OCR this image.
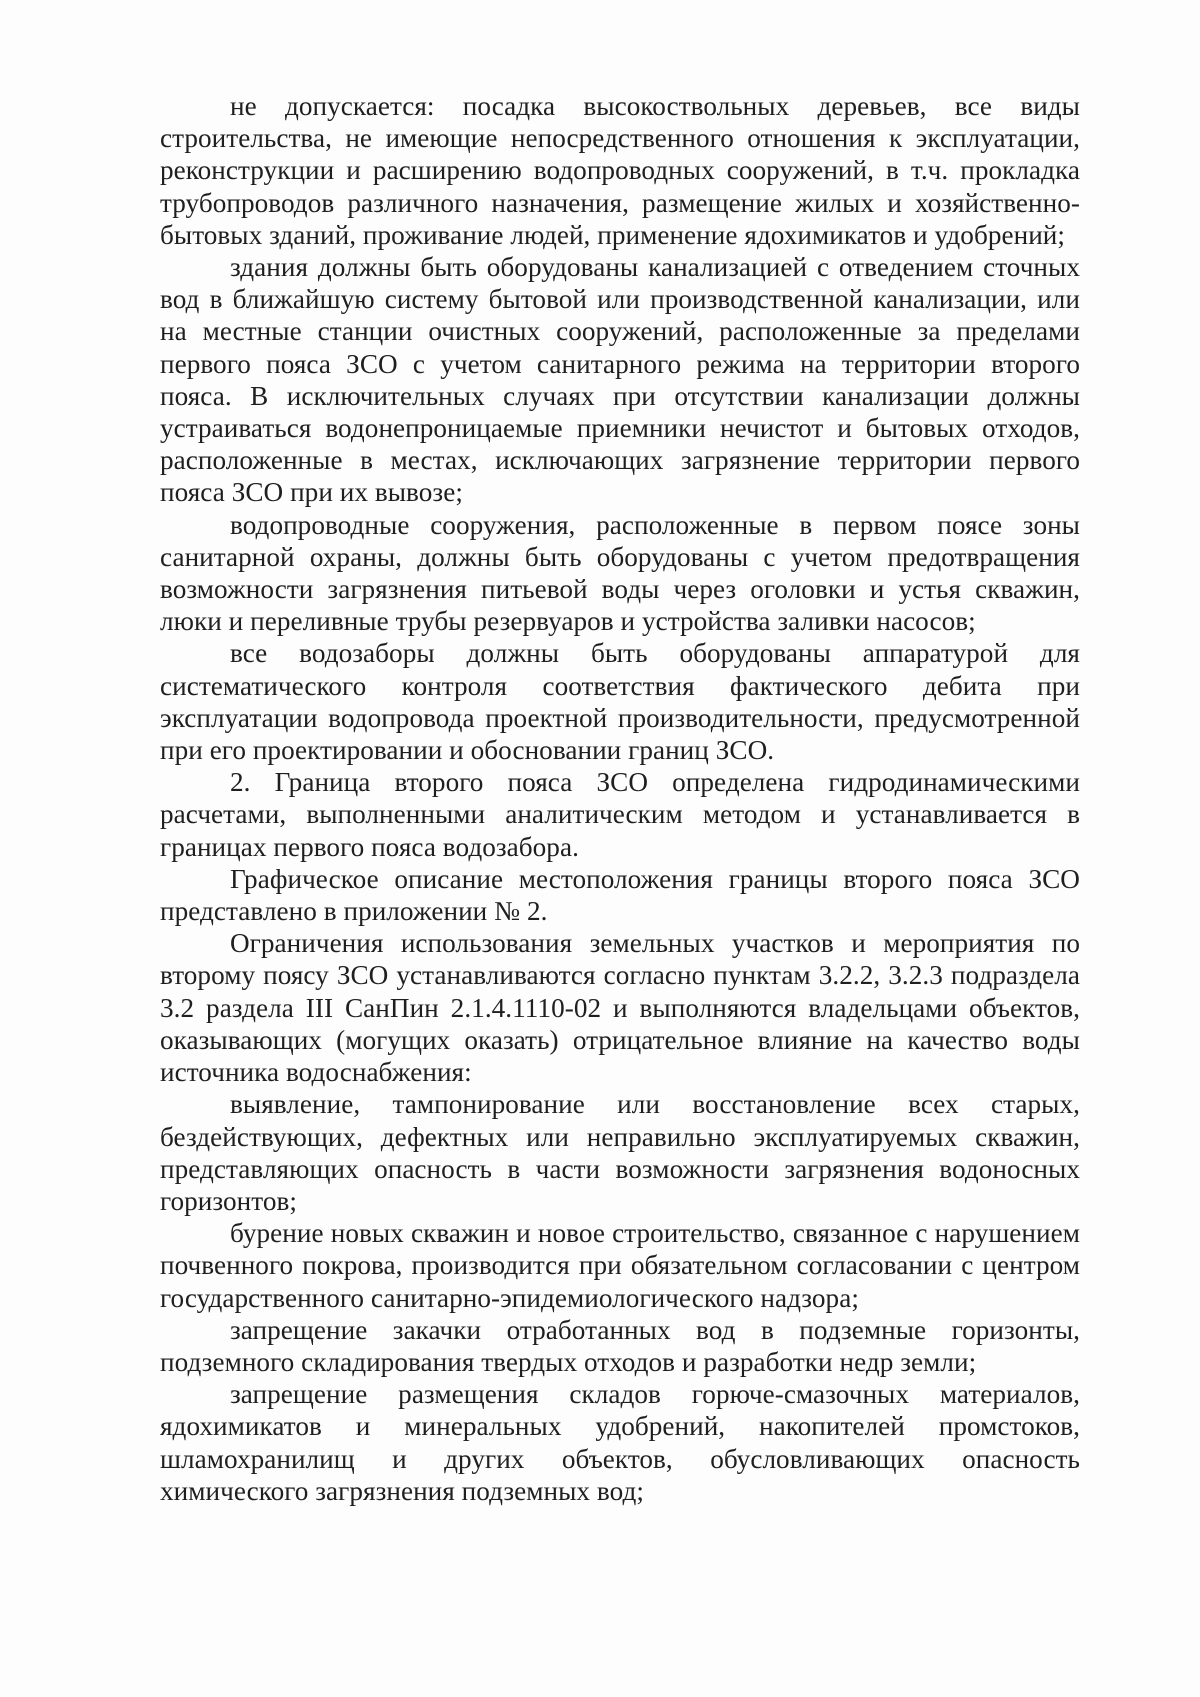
не допускается: посадка высокоствольных деревьев, все виды строительства, не имеющие непосредственного отношения к эксплуатации, реконструкции и расширению водопроводных сооружений, в т.ч. прокладка трубопроводов различного назначения, размещение жилых и хозяйственно-бытовых зданий, проживание людей, применение ядохимикатов и удобрений;

здания должны быть оборудованы канализацией с отведением сточных вод в ближайшую систему бытовой или производственной канализации, или на местные станции очистных сооружений, расположенные за пределами первого пояса ЗСО с учетом санитарного режима на территории второго пояса. В исключительных случаях при отсутствии канализации должны устраиваться водонепроницаемые приемники нечистот и бытовых отходов, расположенные в местах, исключающих загрязнение территории первого пояса ЗСО при их вывозе;

водопроводные сооружения, расположенные в первом поясе зоны санитарной охраны, должны быть оборудованы с учетом предотвращения возможности загрязнения питьевой воды через оголовки и устья скважин, люки и переливные трубы резервуаров и устройства заливки насосов;

все водозаборы должны быть оборудованы аппаратурой для систематического контроля соответствия фактического дебита при эксплуатации водопровода проектной производительности, предусмотренной при его проектировании и обосновании границ ЗСО.

2. Граница второго пояса ЗСО определена гидродинамическими расчетами, выполненными аналитическим методом и устанавливается в границах первого пояса водозабора.

Графическое описание местоположения границы второго пояса ЗСО представлено в приложении № 2.

Ограничения использования земельных участков и мероприятия по второму поясу ЗСО устанавливаются согласно пунктам 3.2.2, 3.2.3 подраздела 3.2 раздела III СанПин 2.1.4.1110-02 и выполняются владельцами объектов, оказывающих (могущих оказать) отрицательное влияние на качество воды источника водоснабжения:

выявление, тампонирование или восстановление всех старых, бездействующих, дефектных или неправильно эксплуатируемых скважин, представляющих опасность в части возможности загрязнения водоносных горизонтов;

бурение новых скважин и новое строительство, связанное с нарушением почвенного покрова, производится при обязательном согласовании с центром государственного санитарно-эпидемиологического надзора;

запрещение закачки отработанных вод в подземные горизонты, подземного складирования твердых отходов и разработки недр земли;

запрещение размещения складов горюче-смазочных материалов, ядохимикатов и минеральных удобрений, накопителей промстоков, шламохранилищ и других объектов, обусловливающих опасность химического загрязнения подземных вод;
